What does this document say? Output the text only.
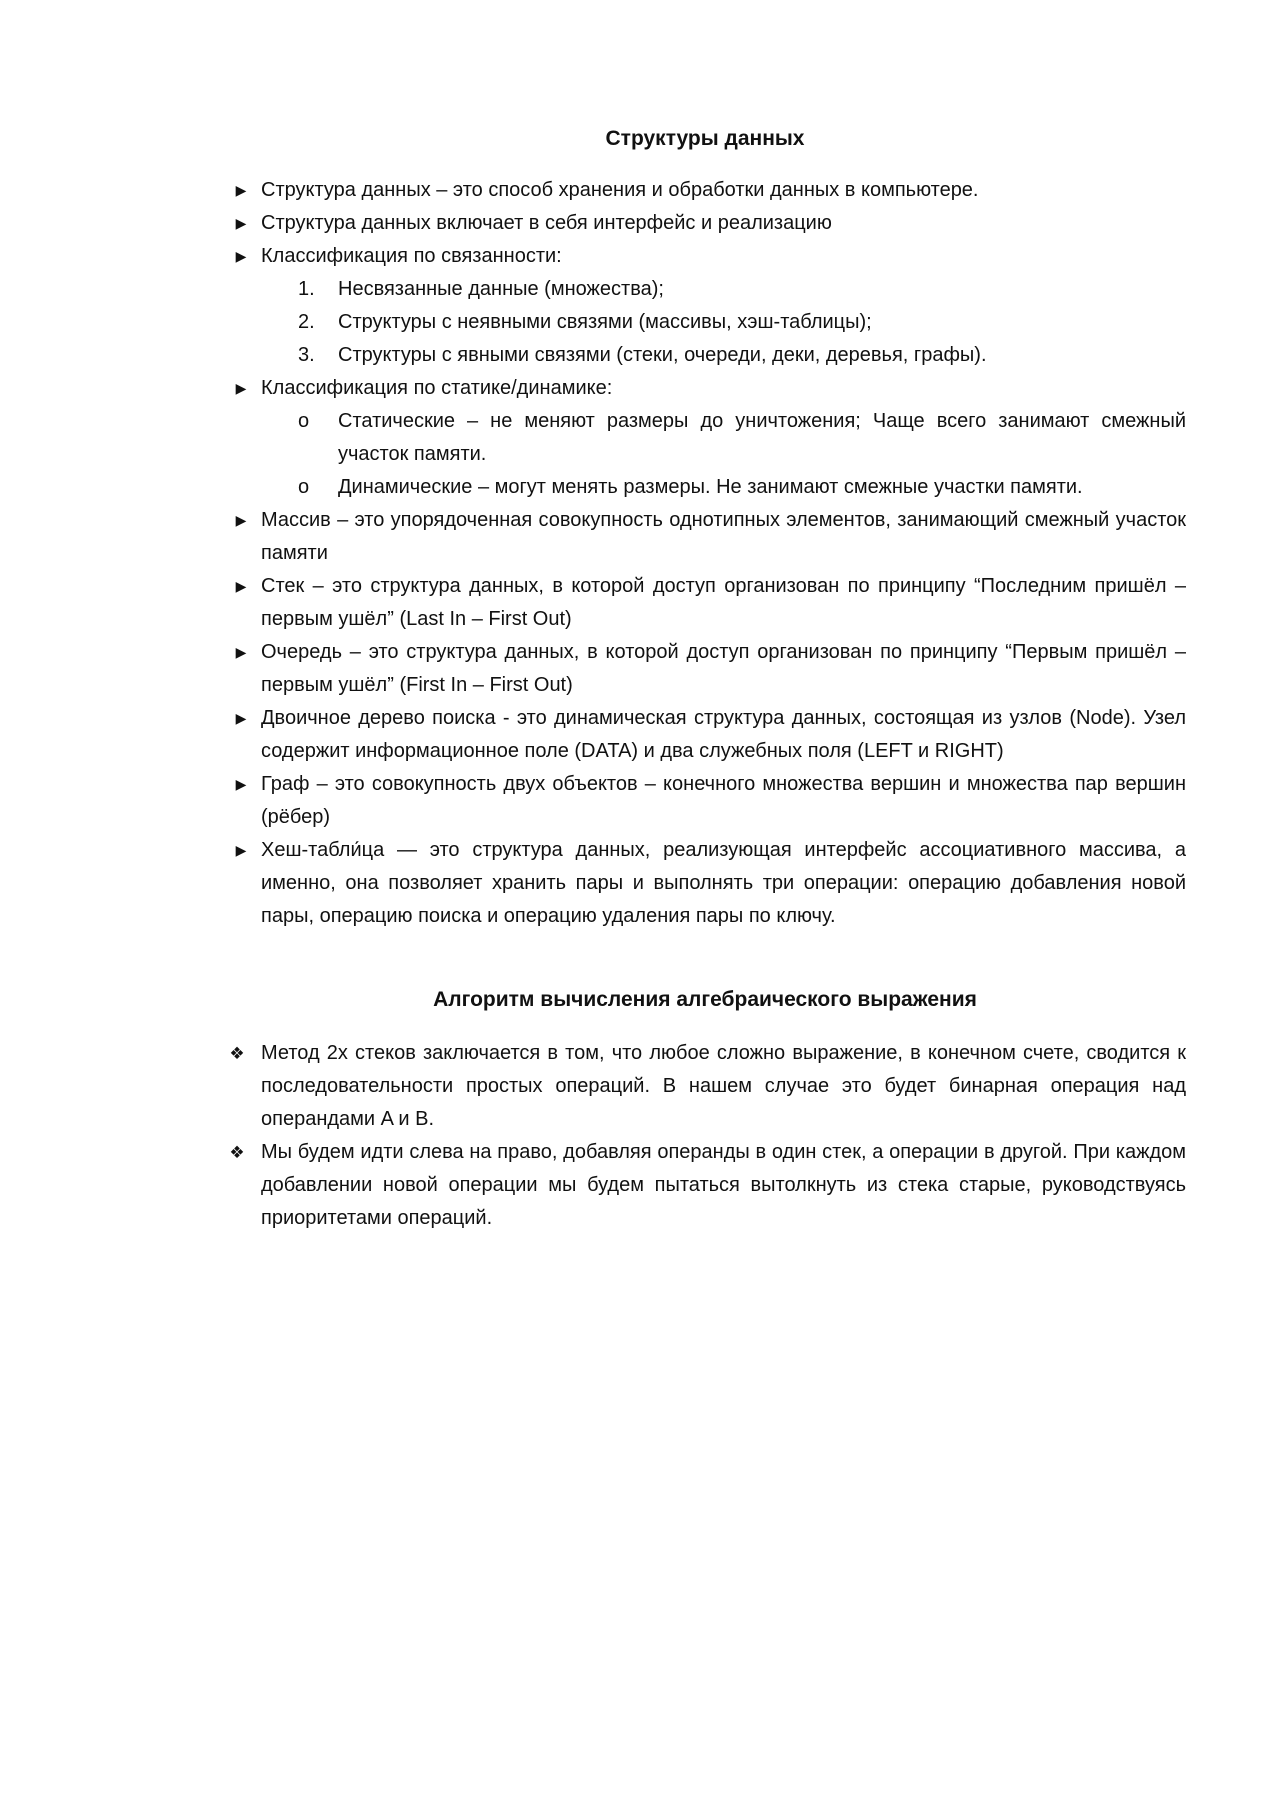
Структуры данных
▶ Структура данных – это способ хранения и обработки данных в компьютере.
▶ Структура данных включает в себя интерфейс и реализацию
▶ Классификация по связанности:
1.	Несвязанные данные (множества);
2.	Структуры с неявными связями (массивы, хэш-таблицы);
3.	Структуры с явными связями (стеки, очереди, деки, деревья, графы).
▶ Классификация по статике/динамике:
o	Статические – не меняют размеры до уничтожения; Чаще всего занимают смежный участок памяти.
o	Динамические – могут менять размеры. Не занимают смежные участки памяти.
▶ Массив – это упорядоченная совокупность однотипных элементов, занимающий смежный участок памяти
▶ Стек – это структура данных, в которой доступ организован по принципу “Последним пришёл – первым ушёл” (Last In – First Out)
▶ Очередь – это структура данных, в которой доступ организован по принципу “Первым пришёл – первым ушёл” (First In – First Out)
▶ Двоичное дерево поиска - это динамическая структура данных, состоящая из узлов (Node). Узел содержит информационное поле (DATA) и два служебных поля (LEFT и RIGHT)
▶ Граф – это совокупность двух объектов – конечного множества вершин и множества пар вершин (рёбер)
▶ Хеш-табли́ца — это структура данных, реализующая интерфейс ассоциативного массива, а именно, она позволяет хранить пары и выполнять три операции: операцию добавления новой пары, операцию поиска и операцию удаления пары по ключу.
Алгоритм вычисления алгебраического выражения
❖ Метод 2х стеков заключается в том, что любое сложно выражение, в конечном счете, сводится к последовательности простых операций. В нашем случае это будет бинарная операция над операндами A и B.
❖ Мы будем идти слева на право, добавляя операнды в один стек, а операции в другой. При каждом добавлении новой операции мы будем пытаться вытолкнуть из стека старые, руководствуясь приоритетами операций.
